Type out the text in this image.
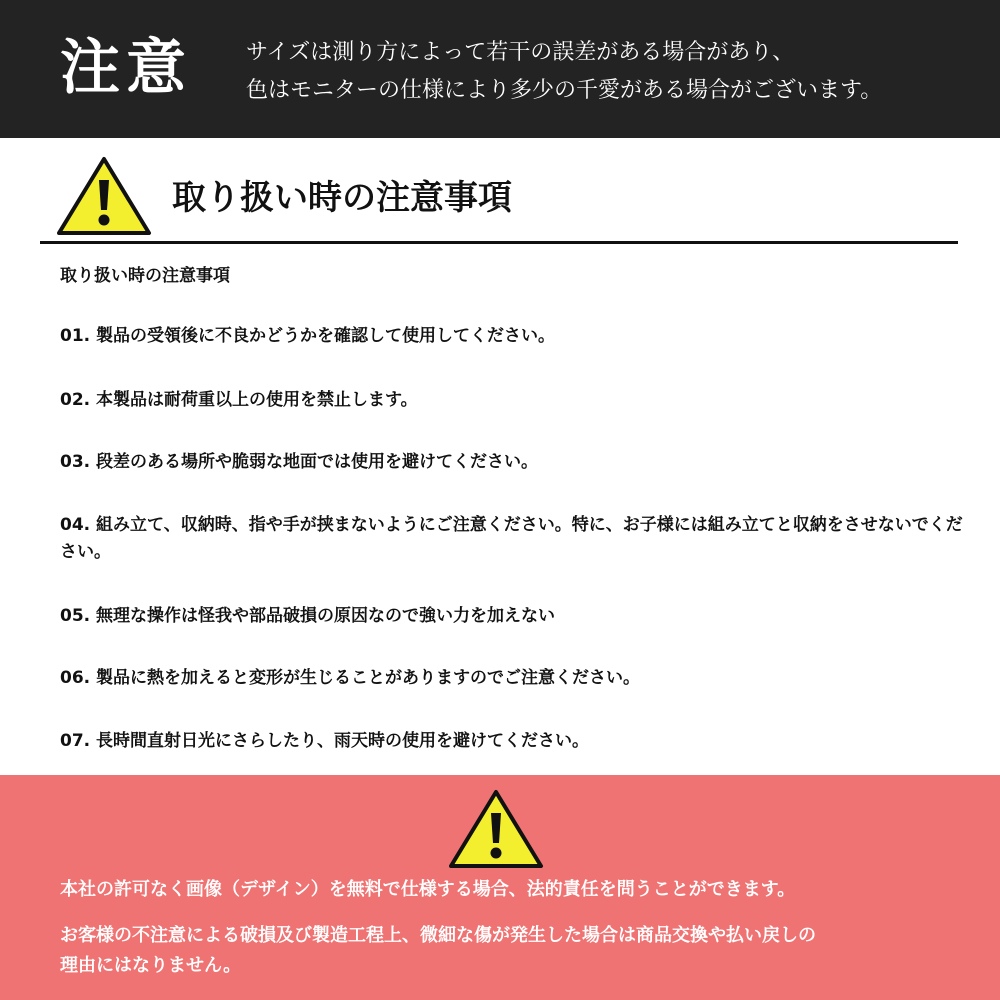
注意 サイズは測り方によって若干の誤差がある場合があり、
色はモニターの仕様により多少の千愛がある場合がございます。
取り扱い時の注意事項
取り扱い時の注意事項
01. 製品の受領後に不良かどうかを確認して使用してください。
02. 本製品は耐荷重以上の使用を禁止します。
03. 段差のある場所や脆弱な地面では使用を避けてください。
04. 組み立て、収納時、指や手が挟まないようにご注意ください。特に、お子様には組み立てと収納をさせないでください。
05. 無理な操作は怪我や部品破損の原因なので強い力を加えない
06. 製品に熱を加えると変形が生じることがありますのでご注意ください。
07. 長時間直射日光にさらしたり、雨天時の使用を避けてください。
本社の許可なく画像（デザイン）を無料で仕様する場合、法的責任を問うことができます。
お客様の不注意による破損及び製造工程上、微細な傷が発生した場合は商品交換や払い戻しの
理由にはなりません。
